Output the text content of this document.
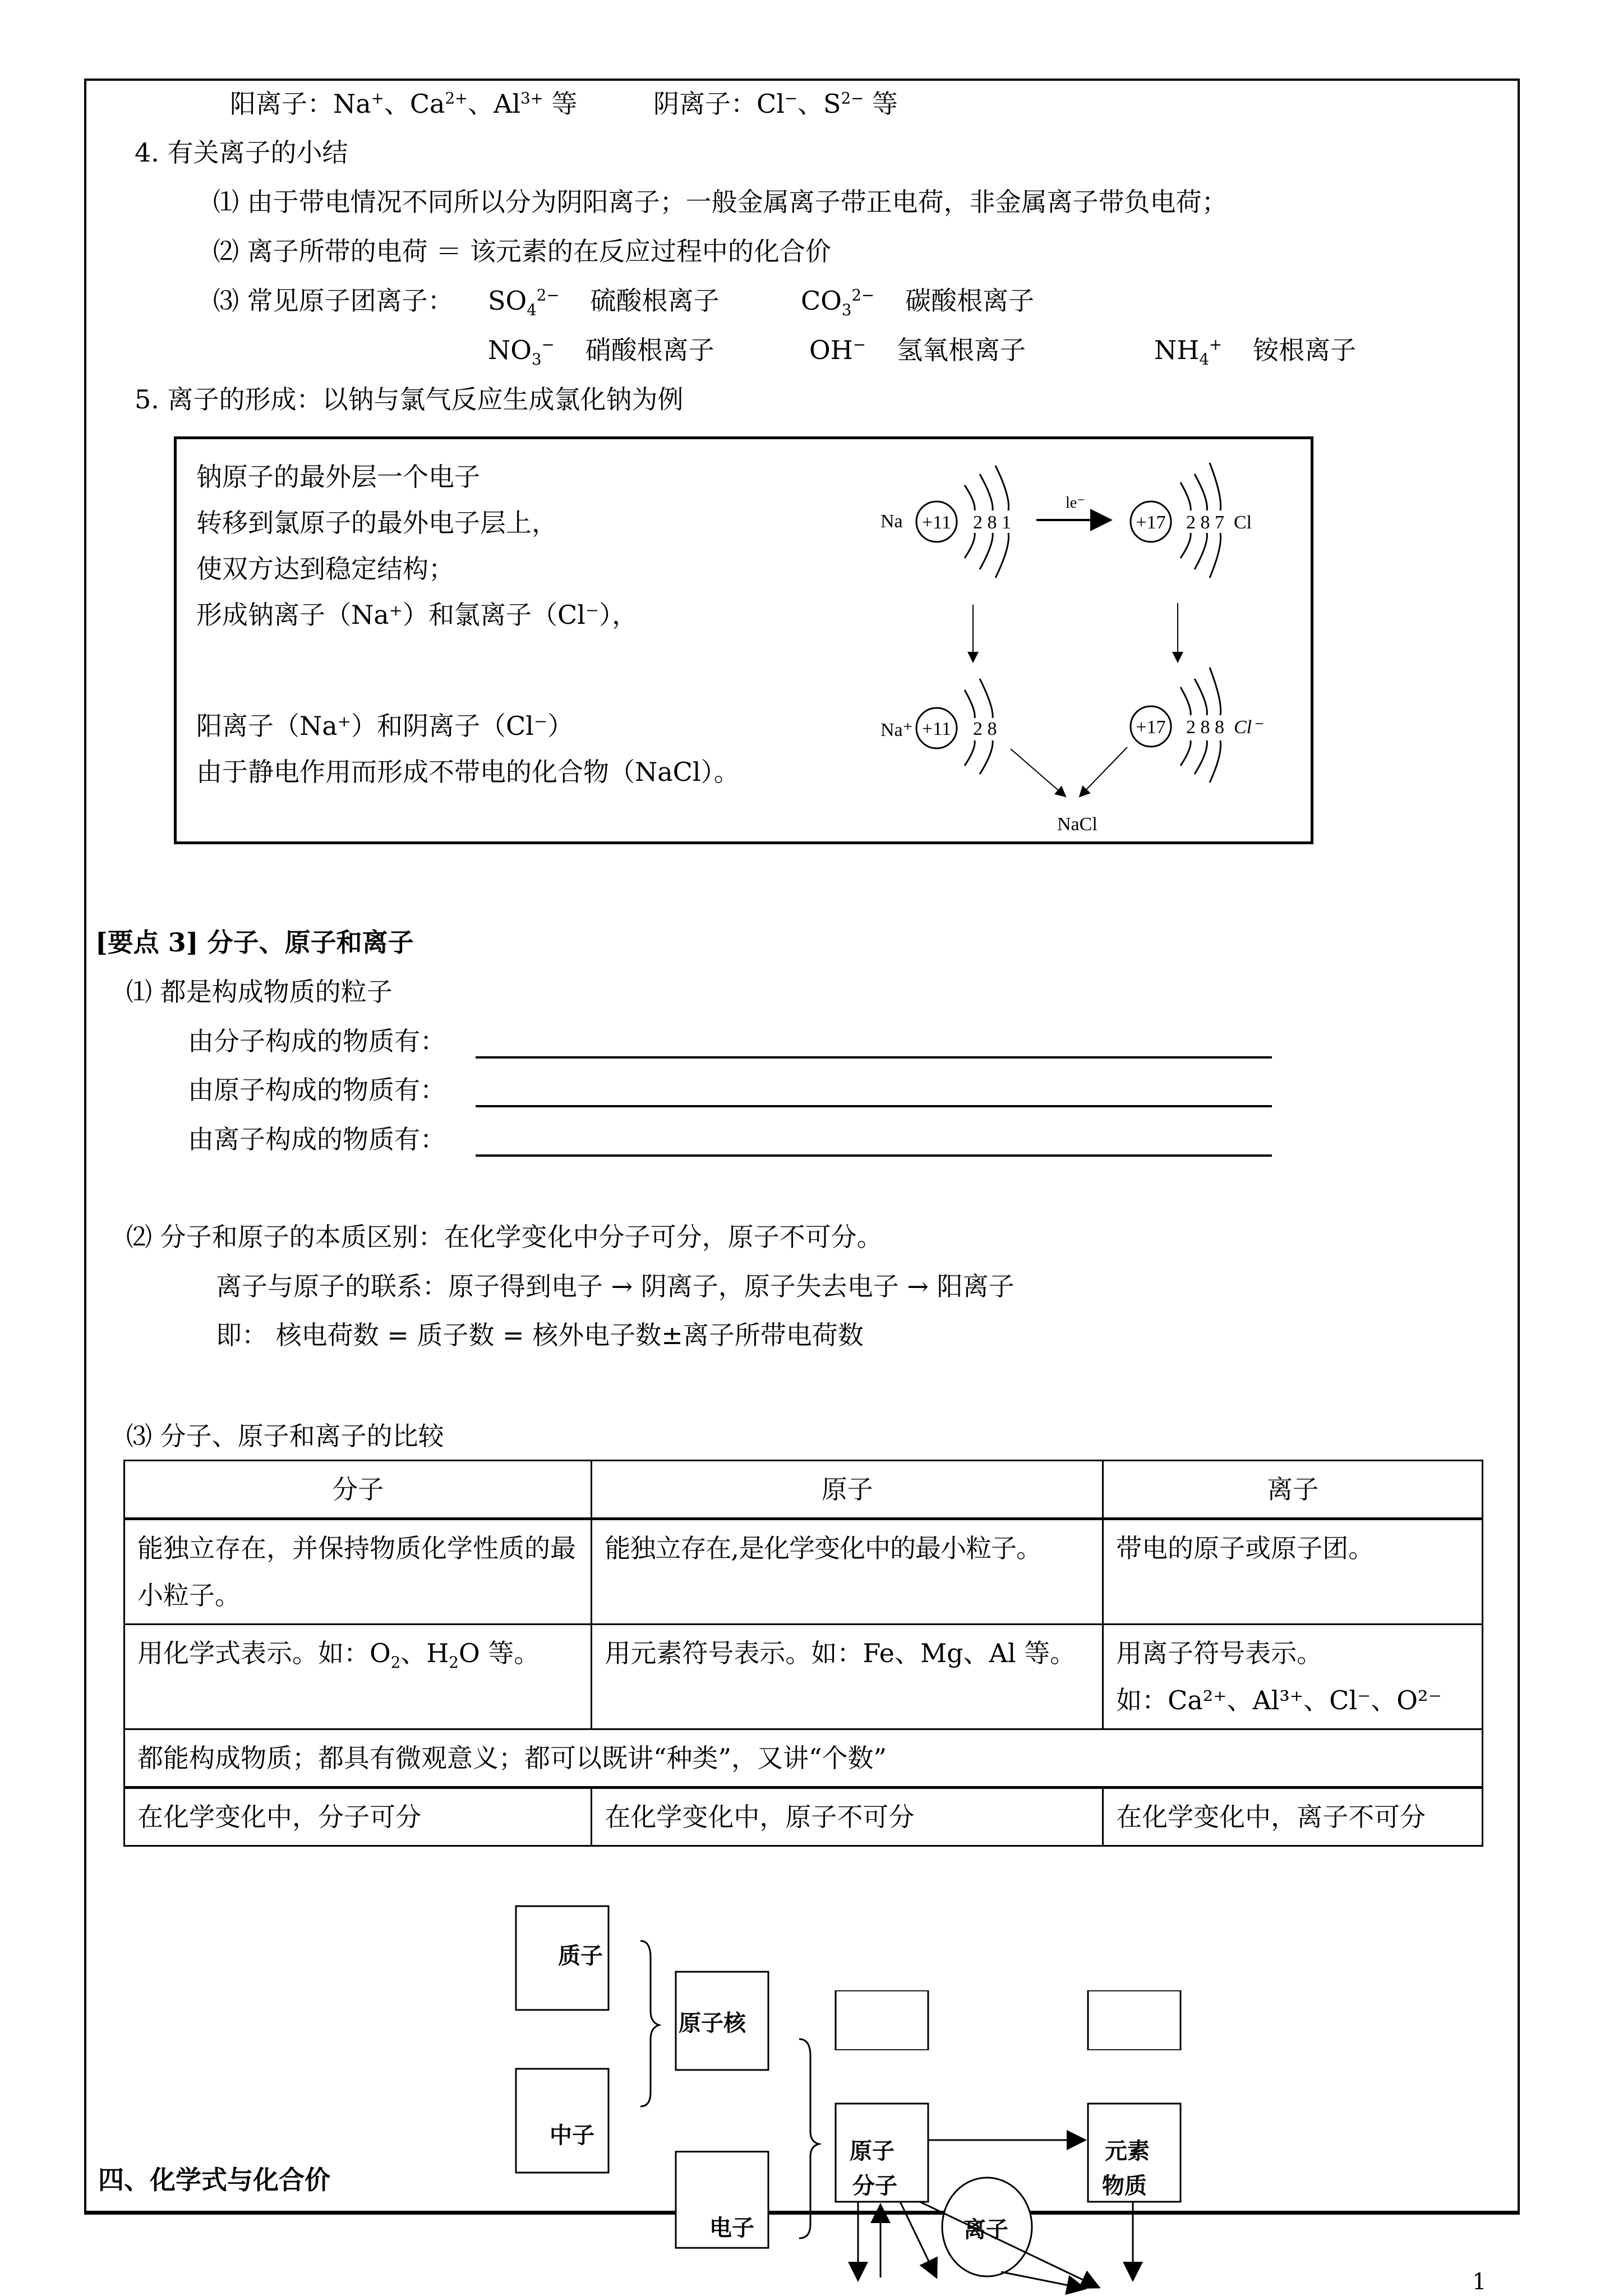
阳离子：Na+、$Ca^{2+}$、$Al^{3+}$ 等	阴离子：Cl−、$S^{2-}$ 等
4. 有关离子的小结
⑴ 由于带电情况不同所以分为阴阳离子；一般金属离子带正电荷，非金属离子带负电荷；
⑵ 离子所带的电荷 ＝ 该元素的在反应过程中的化合价
⑶ 常见原子团离子： $SO_4^{2-}$ 硫酸根离子	$CO_3^{2-}$ 碳酸根离子
$NO_3^-$ 硝酸根离子	OH− 氢氧根离子	$NH_4^+$ 铵根离子
5. 离子的形成：以钠与氯气反应生成氯化钠为例
钠原子的最外层一个电子
转移到氯原子的最外电子层上，
使双方达到稳定结构；
形成钠离子（Na⁺）和氯离子（Cl⁻），
阳离子（Na⁺）和阴离子（Cl⁻）
由于静电作用而形成不带电的化合物（NaCl）。
Na +11 2 8 1
le⁻
+17 2 8 7 Cl
Na⁺ +11 2 8	+17 2 8 8 Cl⁻
NaCl
[要点 3] 分子、原子和离子
⑴ 都是构成物质的粒子
由分子构成的物质有：
由原子构成的物质有：
由离子构成的物质有：
⑵ 分子和原子的本质区别：在化学变化中分子可分，原子不可分。
离子与原子的联系：原子得到电子 → 阴离子，原子失去电子 → 阳离子
即： 核电荷数 = 质子数 = 核外电子数±离子所带电荷数
⑶ 分子、原子和离子的比较
分子	原子	离子
能独立存在，并保持物质化学性质的最小粒子。	能独立存在,是化学变化中的最小粒子。	带电的原子或原子团。
用化学式表示。如：$O_2$、$H_2O$ 等。	用元素符号表示。如：Fe、Mg、Al 等。	用离子符号表示。
如：Ca²⁺、Al³⁺、Cl⁻、O²⁻

都能构成物质；都具有微观意义；都可以既讲“种类”，又讲“个数”		
在化学变化中，分子可分	在化学变化中，原子不可分	在化学变化中，离子不可分
质子
中子
原子核
电子
原子	元素
离子
分子	物质
四、化学式与化合价
1
